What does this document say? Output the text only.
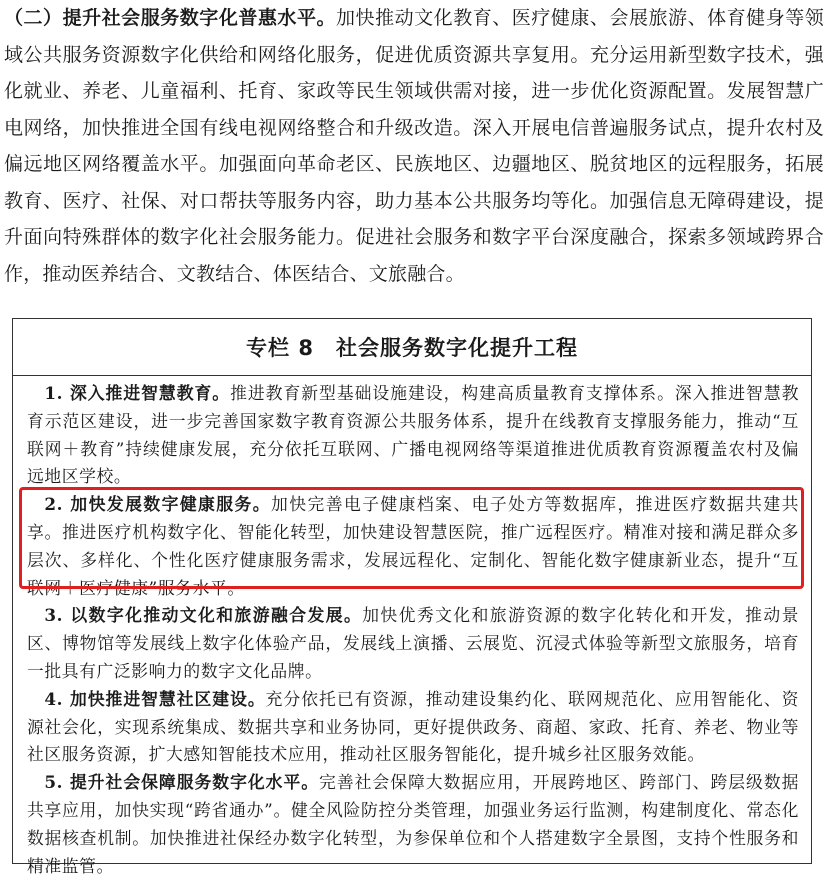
（二）提升社会服务数字化普惠水平。加快推动文化教育、医疗健康、会展旅游、体育健身等领域公共服务资源数字化供给和网络化服务，促进优质资源共享复用。充分运用新型数字技术，强化就业、养老、儿童福利、托育、家政等民生领域供需对接，进一步优化资源配置。发展智慧广电网络，加快推进全国有线电视网络整合和升级改造。深入开展电信普遍服务试点，提升农村及偏远地区网络覆盖水平。加强面向革命老区、民族地区、边疆地区、脱贫地区的远程服务，拓展教育、医疗、社保、对口帮扶等服务内容，助力基本公共服务均等化。加强信息无障碍建设，提升面向特殊群体的数字化社会服务能力。促进社会服务和数字平台深度融合，探索多领域跨界合作，推动医养结合、文教结合、体医结合、文旅融合。
专栏 8 社会服务数字化提升工程

 1. 深入推进智慧教育。推进教育新型基础设施建设，构建高质量教育支撑体系。深入推进智慧教育示范区建设，进一步完善国家数字教育资源公共服务体系，提升在线教育支撑服务能力，推动“互联网＋教育”持续健康发展，充分依托互联网、广播电视网络等渠道推进优质教育资源覆盖农村及偏远地区学校。

 2. 加快发展数字健康服务。加快完善电子健康档案、电子处方等数据库，推进医疗数据共建共享。推进医疗机构数字化、智能化转型，加快建设智慧医院，推广远程医疗。精准对接和满足群众多层次、多样化、个性化医疗健康服务需求，发展远程化、定制化、智能化数字健康新业态，提升“互联网＋医疗健康”服务水平。

 3. 以数字化推动文化和旅游融合发展。加快优秀文化和旅游资源的数字化转化和开发，推动景区、博物馆等发展线上数字化体验产品，发展线上演播、云展览、沉浸式体验等新型文旅服务，培育一批具有广泛影响力的数字文化品牌。

 4. 加快推进智慧社区建设。充分依托已有资源，推动建设集约化、联网规范化、应用智能化、资源社会化，实现系统集成、数据共享和业务协同，更好提供政务、商超、家政、托育、养老、物业等社区服务资源，扩大感知智能技术应用，推动社区服务智能化，提升城乡社区服务效能。

 5. 提升社会保障服务数字化水平。完善社会保障大数据应用，开展跨地区、跨部门、跨层级数据共享应用，加快实现“跨省通办”。健全风险防控分类管理，加强业务运行监测，构建制度化、常态化数据核查机制。加快推进社保经办数字化转型，为参保单位和个人搭建数字全景图，支持个性服务和精准监管。
